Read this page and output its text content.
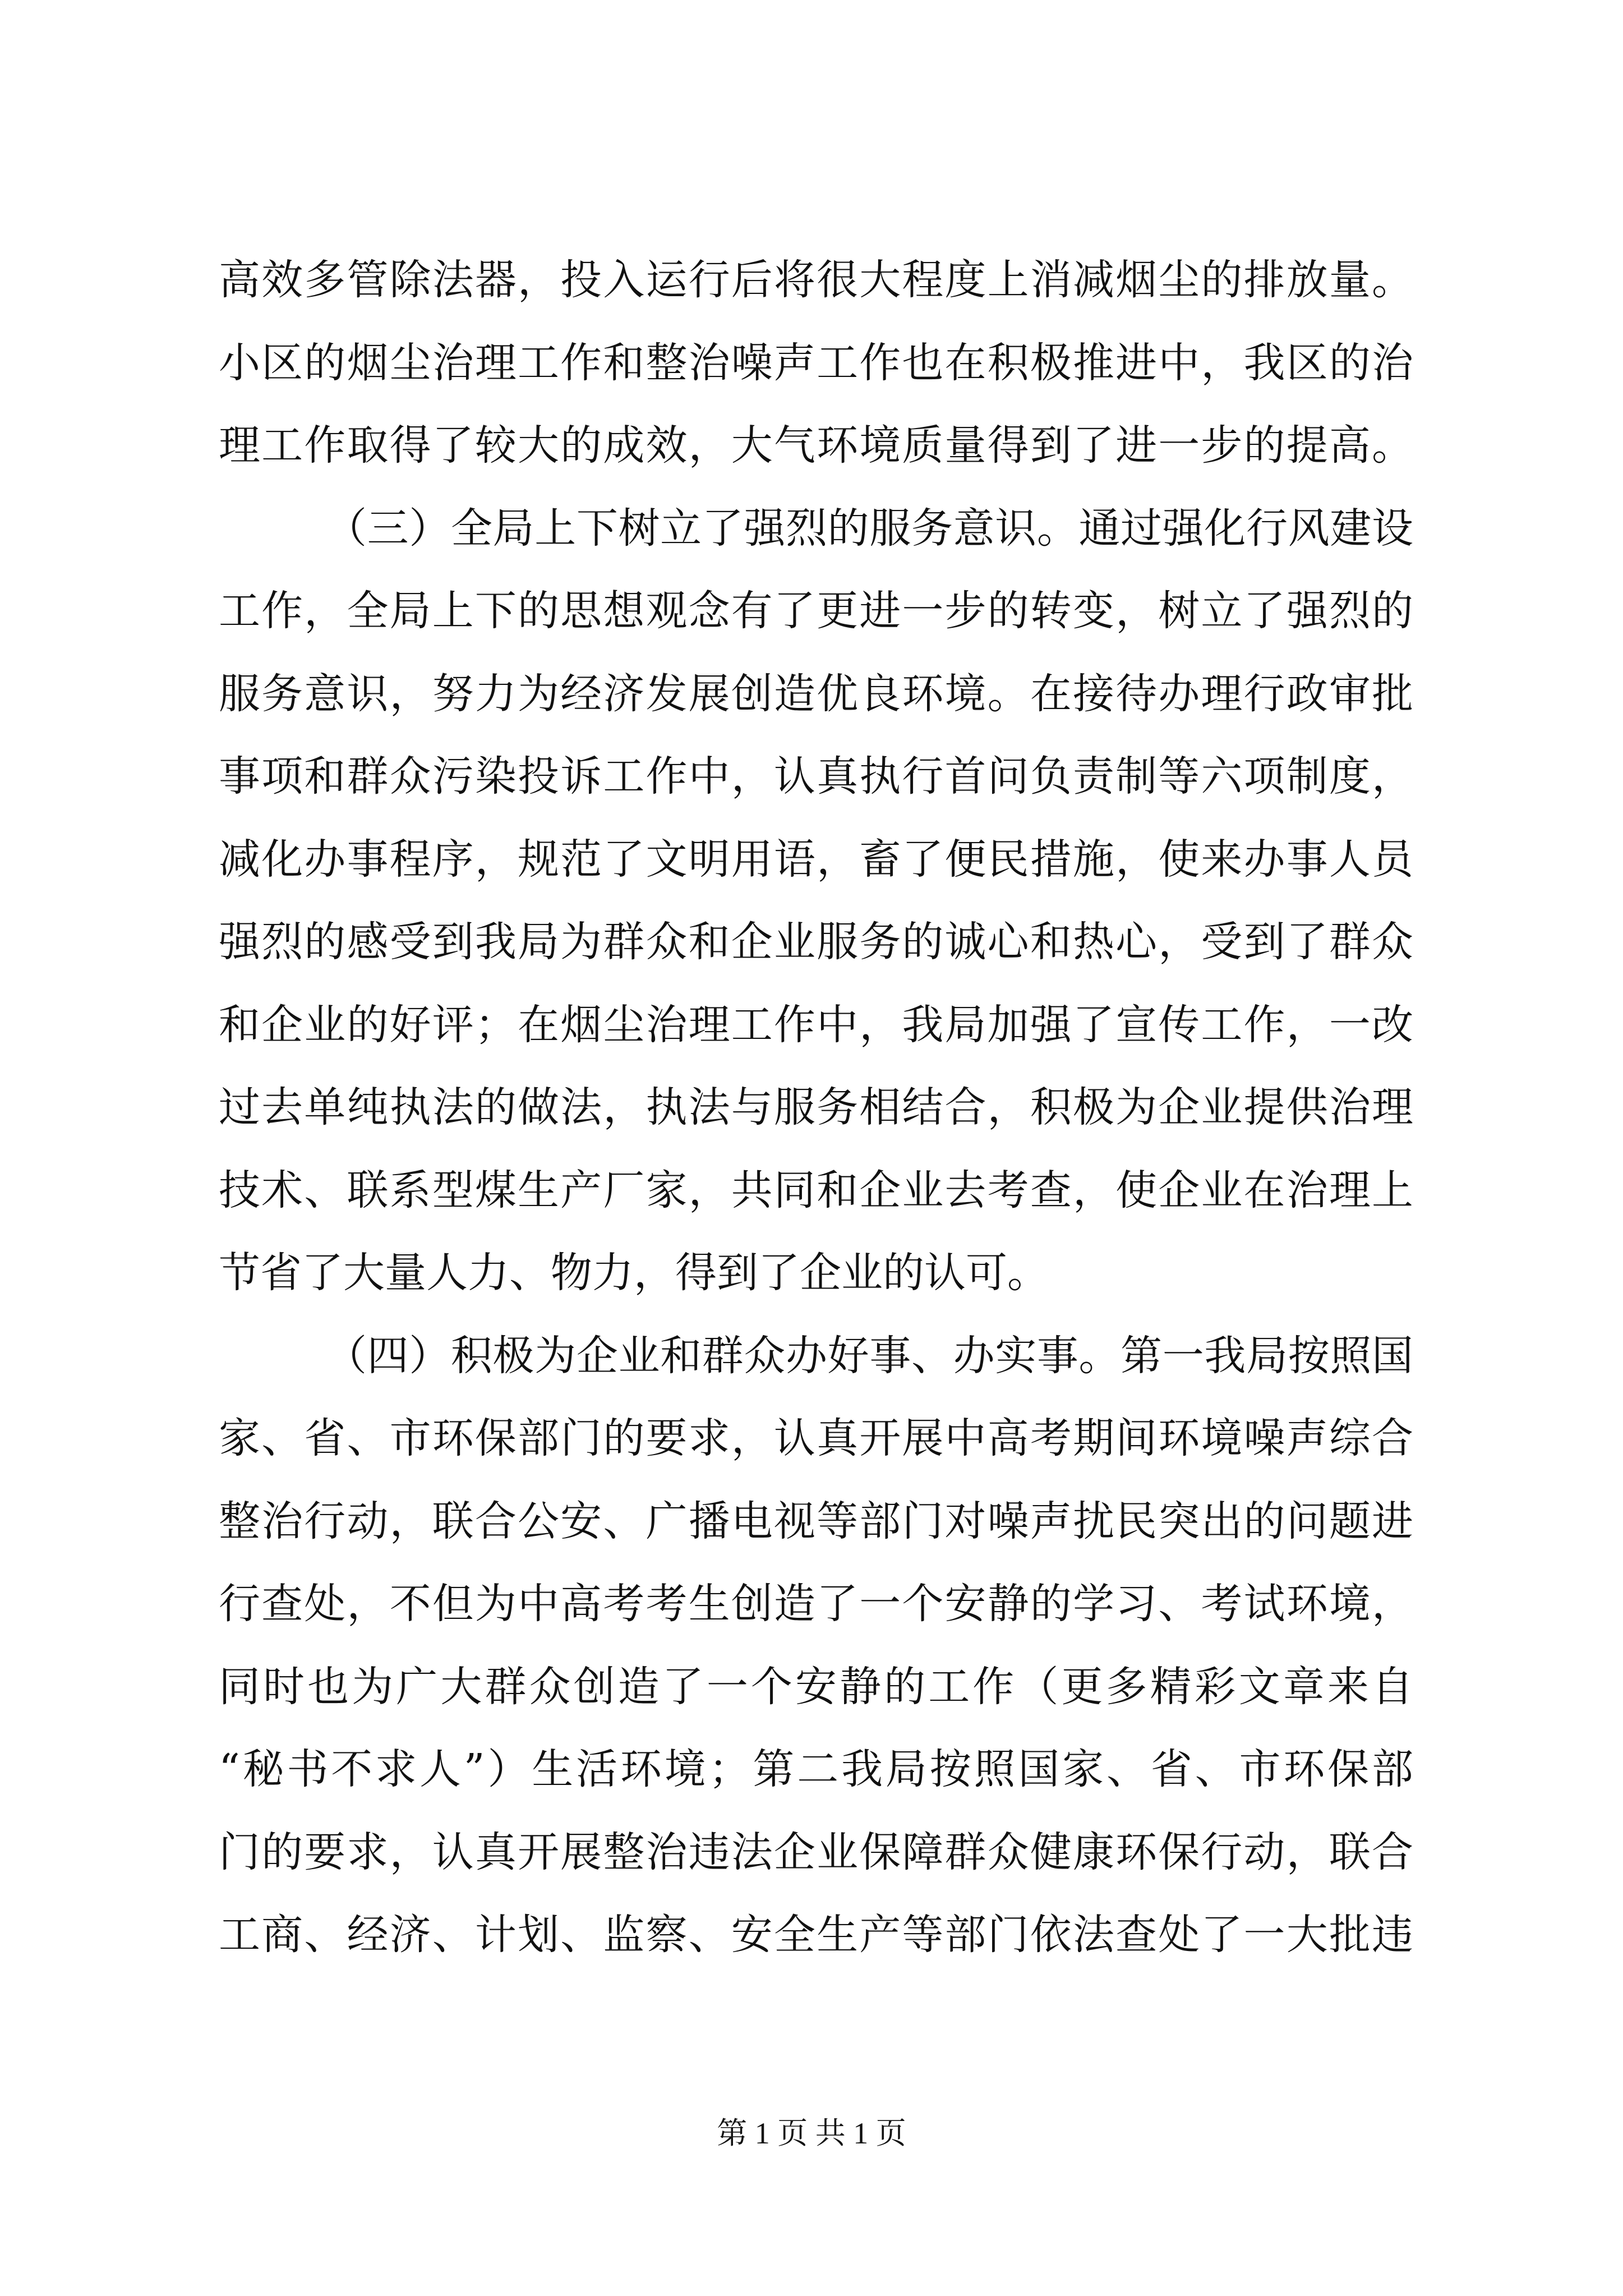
高效多管除法器，投入运行后将很大程度上消减烟尘的排放量。
小区的烟尘治理工作和整治噪声工作也在积极推进中，我区的治
理工作取得了较大的成效，大气环境质量得到了进一步的提高。
（三）全局上下树立了强烈的服务意识。通过强化行风建设
工作，全局上下的思想观念有了更进一步的转变，树立了强烈的
服务意识，努力为经济发展创造优良环境。在接待办理行政审批
事项和群众污染投诉工作中，认真执行首问负责制等六项制度，
减化办事程序，规范了文明用语，畜了便民措施，使来办事人员
强烈的感受到我局为群众和企业服务的诚心和热心，受到了群众
和企业的好评；在烟尘治理工作中，我局加强了宣传工作，一改
过去单纯执法的做法，执法与服务相结合，积极为企业提供治理
技术、联系型煤生产厂家，共同和企业去考查，使企业在治理上
节省了大量人力、物力，得到了企业的认可。
（四）积极为企业和群众办好事、办实事。第一我局按照国
家、省、市环保部门的要求，认真开展中高考期间环境噪声综合
整治行动，联合公安、广播电视等部门对噪声扰民突出的问题进
行查处，不但为中高考考生创造了一个安静的学习、考试环境，
同时也为广大群众创造了一个安静的工作（更多精彩文章来自
“秘书不求人”）生活环境；第二我局按照国家、省、市环保部
门的要求，认真开展整治违法企业保障群众健康环保行动，联合
工商、经济、计划、监察、安全生产等部门依法查处了一大批违
第 1 页 共 1 页
